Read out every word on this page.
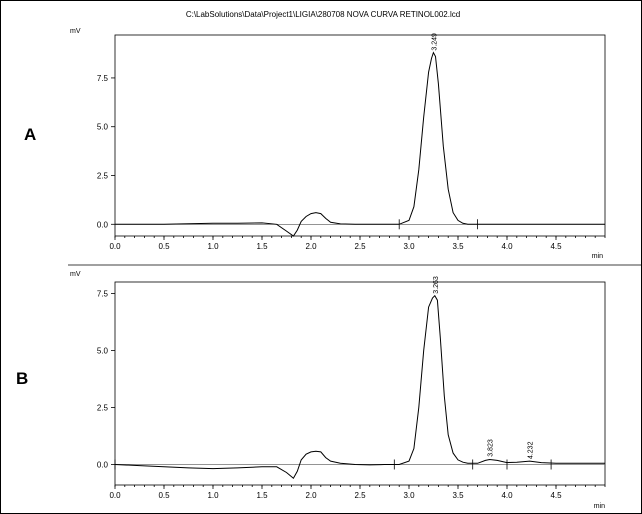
C:\LabSolutions\Data\Project1\LIGIA\280708 NOVA CURVA RETINOL002.lcd
A
mV
min
0.0	0.5	1.0	1.5	2.0	2.5	3.0	3.5	4.0	4.5
0.0
2.5
5.0
7.5
3.249
B
mV
min
0.0	0.5	1.0	1.5	2.0	2.5	3.0	3.5	4.0	4.5
0.0
2.5
5.0
7.5
3.263
3.823	4.232
